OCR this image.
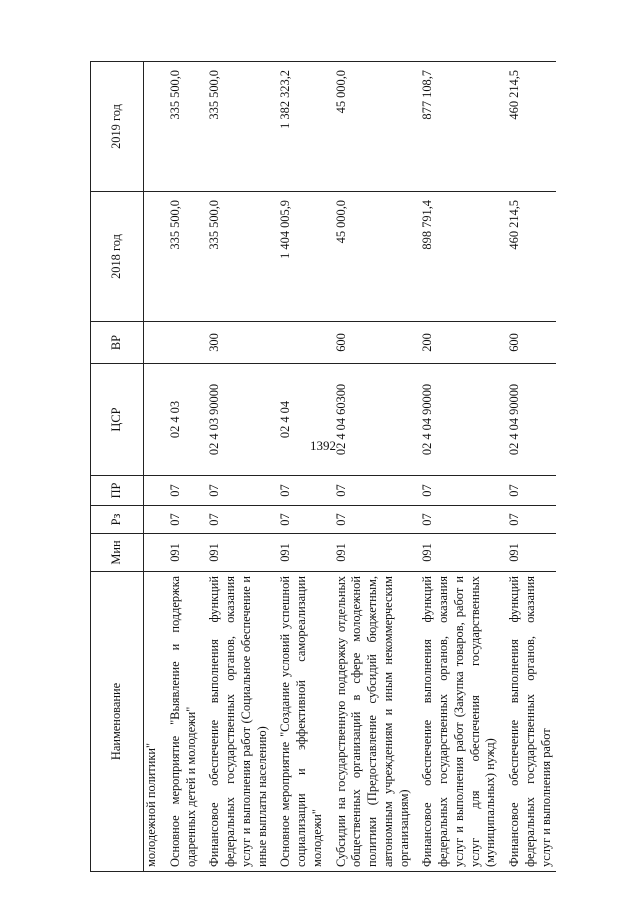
1392
Наименование	Мин	Рз	ПР	ЦСР	ВР	2018 год	2019 год
молодежной политики"							
Основное мероприятие "Выявление и поддержка одаренных детей и молодежи"	091	07	07	02 4 03		335 500,0	335 500,0
Финансовое обеспечение выполнения функций федеральных государственных органов, оказания услуг и выполнения работ (Социальное обеспечение и иные выплаты населению)	091	07	07	02 4 03 90000	300	335 500,0	335 500,0
Основное мероприятие "Создание условий успешной социализации и эффективной самореализации молодежи"	091	07	07	02 4 04		1 404 005,9	1 382 323,2
Субсидии на государственную поддержку отдельных общественных организаций в сфере молодежной политики (Предоставление субсидий бюджетным, автономным учреждениям и иным некоммерческим организациям)	091	07	07	02 4 04 60300	600	45 000,0	45 000,0
Финансовое обеспечение выполнения функций федеральных государственных органов, оказания услуг и выполнения работ (Закупка товаров, работ и услуг для обеспечения государственных (муниципальных) нужд)	091	07	07	02 4 04 90000	200	898 791,4	877 108,7
Финансовое обеспечение выполнения функций федеральных государственных органов, оказания услуг и выполнения работ	091	07	07	02 4 04 90000	600	460 214,5	460 214,5
